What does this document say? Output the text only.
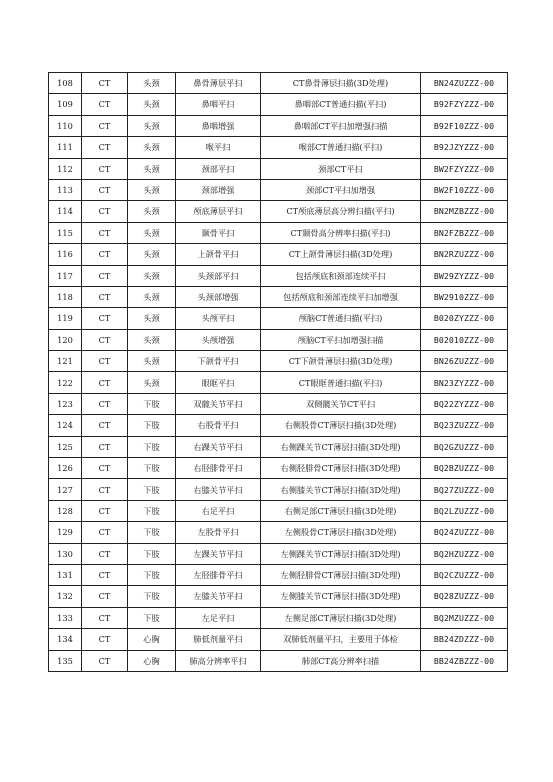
108	CT	头颈	鼻骨薄层平扫	CT鼻骨薄层扫描(3D处理)	BN24ZUZZZ-00
109	CT	头颈	鼻咽平扫	鼻咽部CT普通扫描(平扫)	B92FZYZZZ-00
110	CT	头颈	鼻咽增强	鼻咽部CT平扫加增强扫描	B92F10ZZZ-00
111	CT	头颈	喉平扫	喉部CT普通扫描(平扫)	B92JZYZZZ-00
112	CT	头颈	颈部平扫	颈部CT平扫	BW2FZYZZZ-00
113	CT	头颈	颈部增强	颈部CT平扫加增强	BW2F10ZZZ-00
114	CT	头颈	颅底薄层平扫	CT颅底薄层高分辨扫描(平扫)	BN2MZBZZZ-00
115	CT	头颈	颞骨平扫	CT颞骨高分辨率扫描(平扫)	BN2FZBZZZ-00
116	CT	头颈	上颌骨平扫	CT上颌骨薄层扫描(3D处理)	BN2RZUZZZ-00
117	CT	头颈	头颈部平扫	包括颅底和颈部连续平扫	BW29ZYZZZ-00
118	CT	头颈	头颈部增强	包括颅底和颈部连续平扫加增强	BW2910ZZZ-00
119	CT	头颈	头颅平扫	颅脑CT普通扫描(平扫)	B020ZYZZZ-00
120	CT	头颈	头颅增强	颅脑CT平扫加增强扫描	B02010ZZZ-00
121	CT	头颈	下颌骨平扫	CT下颌骨薄层扫描(3D处理)	BN26ZUZZZ-00
122	CT	头颈	眼眶平扫	CT眼眶普通扫描(平扫)	BN23ZYZZZ-00
123	CT	下肢	双髋关节平扫	双侧髋关节CT平扫	BQ22ZYZZZ-00
124	CT	下肢	右股骨平扫	右侧股骨CT薄层扫描(3D处理)	BQ23ZUZZZ-00
125	CT	下肢	右踝关节平扫	右侧踝关节CT薄层扫描(3D处理)	BQ2GZUZZZ-00
126	CT	下肢	右胫腓骨平扫	右侧胫腓骨CT薄层扫描(3D处理)	BQ2BZUZZZ-00
127	CT	下肢	右膝关节平扫	右侧膝关节CT薄层扫描(3D处理)	BQ27ZUZZZ-00
128	CT	下肢	右足平扫	右侧足部CT薄层扫描(3D处理)	BQ2LZUZZZ-00
129	CT	下肢	左股骨平扫	左侧股骨CT薄层扫描(3D处理)	BQ24ZUZZZ-00
130	CT	下肢	左踝关节平扫	左侧踝关节CT薄层扫描(3D处理)	BQ2HZUZZZ-00
131	CT	下肢	左胫腓骨平扫	左侧胫腓骨CT薄层扫描(3D处理)	BQ2CZUZZZ-00
132	CT	下肢	左膝关节平扫	左侧膝关节CT薄层扫描(3D处理)	BQ28ZUZZZ-00
133	CT	下肢	左足平扫	左侧足部CT薄层扫描(3D处理)	BQ2MZUZZZ-00
134	CT	心胸	肺低剂量平扫	双肺低剂量平扫，主要用于体检	BB24ZDZZZ-00
135	CT	心胸	肺高分辨率平扫	肺部CT高分辨率扫描	BB24ZBZZZ-00
